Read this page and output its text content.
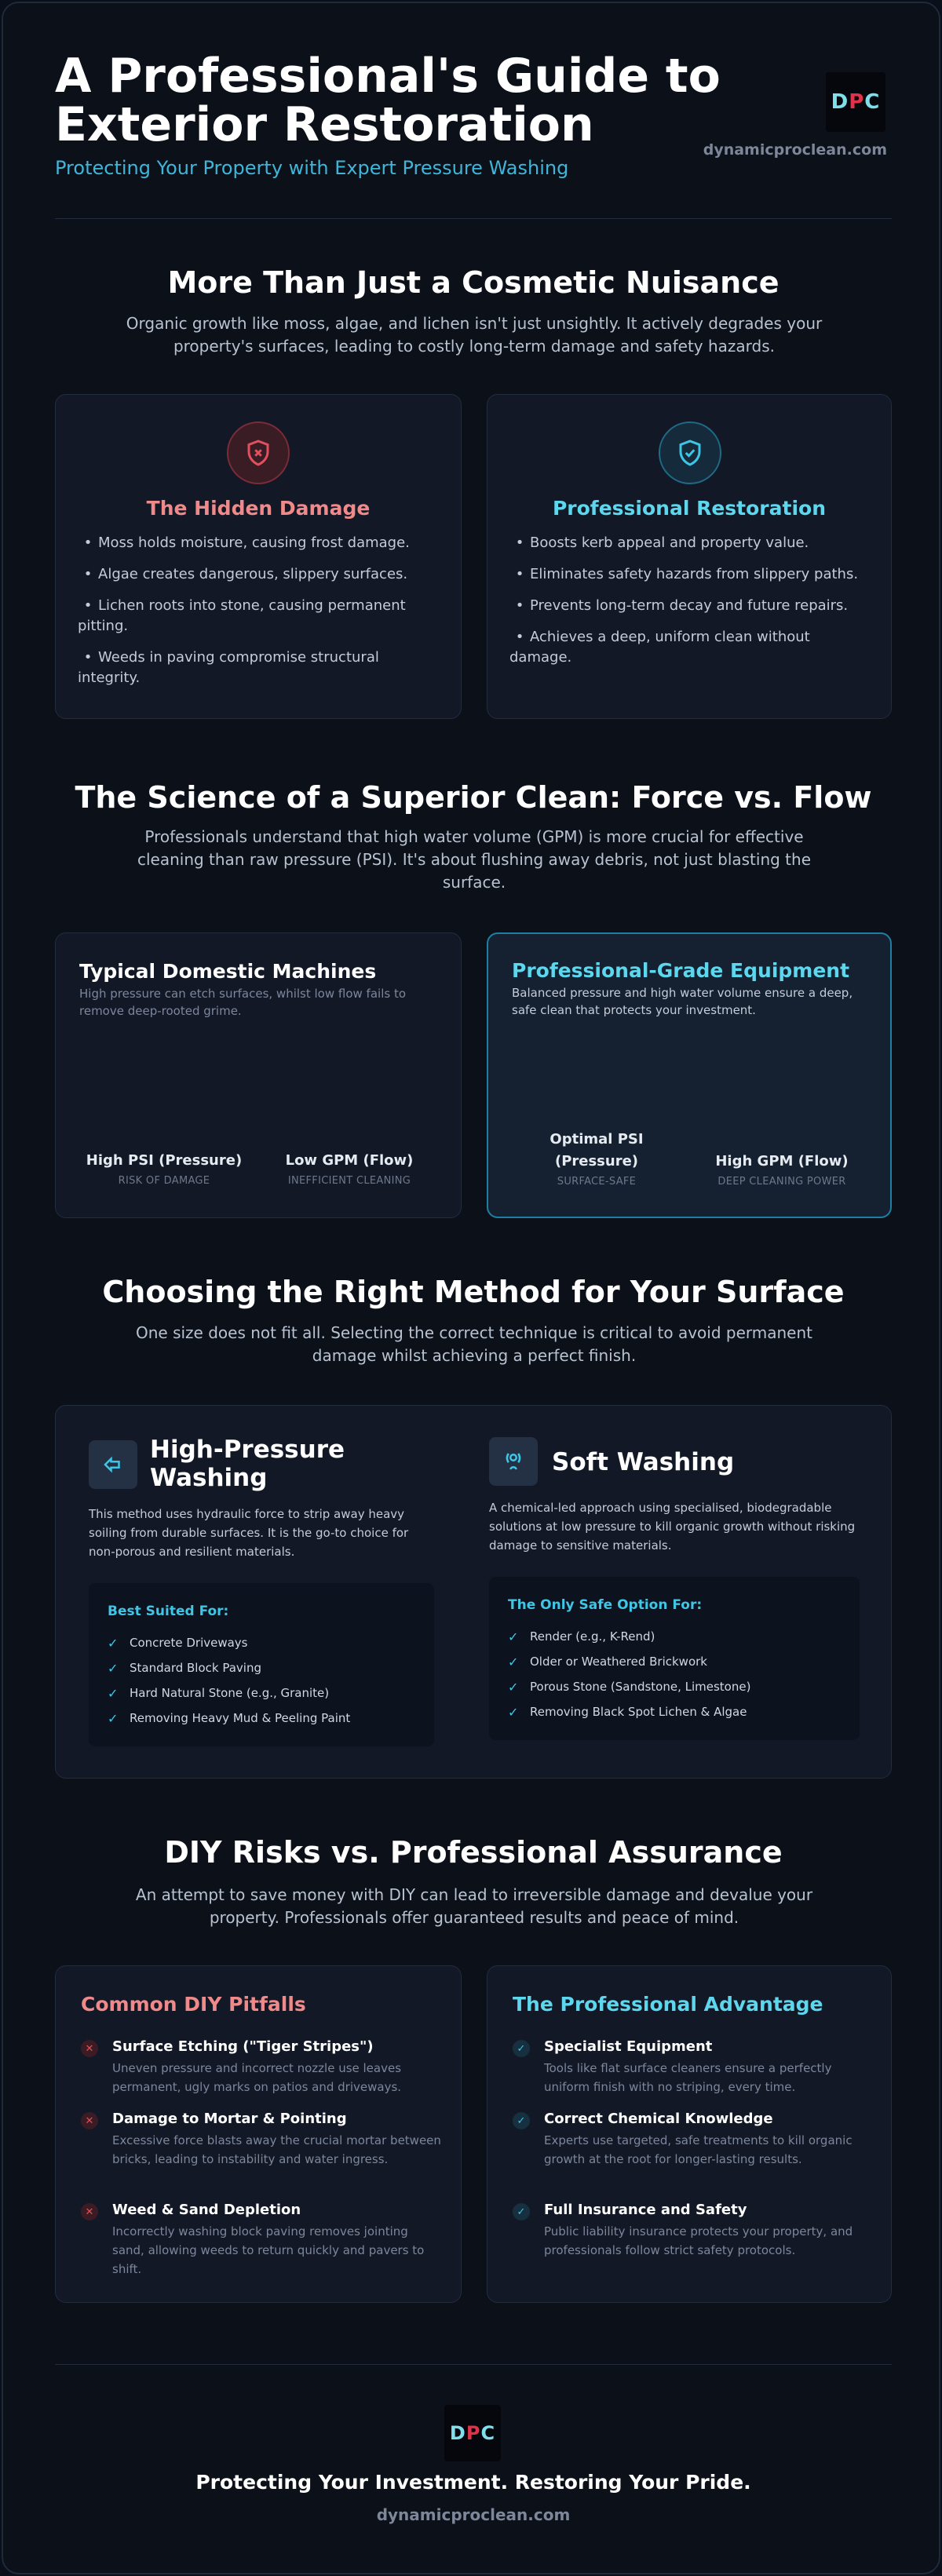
A Professional's Guide to Exterior Restoration
Protecting Your Property with Expert Pressure Washing
D P C
dynamicproclean.com
More Than Just a Cosmetic Nuisance

Organic growth like moss, algae, and lichen isn't just unsightly. It actively degrades your property's surfaces, leading to costly long-term damage and safety hazards.

The Hidden Damage
• Moss holds moisture, causing frost damage.
• Algae creates dangerous, slippery surfaces.
• Lichen roots into stone, causing permanent pitting.
• Weeds in paving compromise structural integrity.
Professional Restoration
• Boosts kerb appeal and property value.
• Eliminates safety hazards from slippery paths.
• Prevents long-term decay and future repairs.
• Achieves a deep, uniform clean without damage.
The Science of a Superior Clean: Force vs. Flow

Professionals understand that high water volume (GPM) is more crucial for effective cleaning than raw pressure (PSI). It's about flushing away debris, not just blasting the surface.

Typical Domestic Machines
High pressure can etch surfaces, whilst low flow fails to remove deep-rooted grime.
High PSI (Pressure)
RISK OF DAMAGE
Low GPM (Flow)
INEFFICIENT CLEANING
Professional-Grade Equipment
Balanced pressure and high water volume ensure a deep, safe clean that protects your investment.
Optimal PSI (Pressure)
SURFACE-SAFE
High GPM (Flow)
DEEP CLEANING POWER
Choosing the Right Method for Your Surface

One size does not fit all. Selecting the correct technique is critical to avoid permanent damage whilst achieving a perfect finish.

High-Pressure Washing
This method uses hydraulic force to strip away heavy soiling from durable surfaces. It is the go-to choice for non-porous and resilient materials.
Best Suited For:
✓ Concrete Driveways
✓ Standard Block Paving
✓ Hard Natural Stone (e.g., Granite)
✓ Removing Heavy Mud & Peeling Paint
Soft Washing
A chemical-led approach using specialised, biodegradable solutions at low pressure to kill organic growth without risking damage to sensitive materials.
The Only Safe Option For:
✓ Render (e.g., K-Rend)
✓ Older or Weathered Brickwork
✓ Porous Stone (Sandstone, Limestone)
✓ Removing Black Spot Lichen & Algae
DIY Risks vs. Professional Assurance

An attempt to save money with DIY can lead to irreversible damage and devalue your property. Professionals offer guaranteed results and peace of mind.

Common DIY Pitfalls
✕	Surface Etching ("Tiger Stripes")
Uneven pressure and incorrect nozzle use leaves permanent, ugly marks on patios and driveways.
✕	Damage to Mortar & Pointing
Excessive force blasts away the crucial mortar between bricks, leading to instability and water ingress.
✕	Weed & Sand Depletion
Incorrectly washing block paving removes jointing sand, allowing weeds to return quickly and pavers to shift.
The Professional Advantage
✓	Specialist Equipment
Tools like flat surface cleaners ensure a perfectly uniform finish with no striping, every time.
✓	Correct Chemical Knowledge
Experts use targeted, safe treatments to kill organic growth at the root for longer-lasting results.
✓	Full Insurance and Safety
Public liability insurance protects your property, and professionals follow strict safety protocols.
D P C
Protecting Your Investment. Restoring Your Pride.
dynamicproclean.com
